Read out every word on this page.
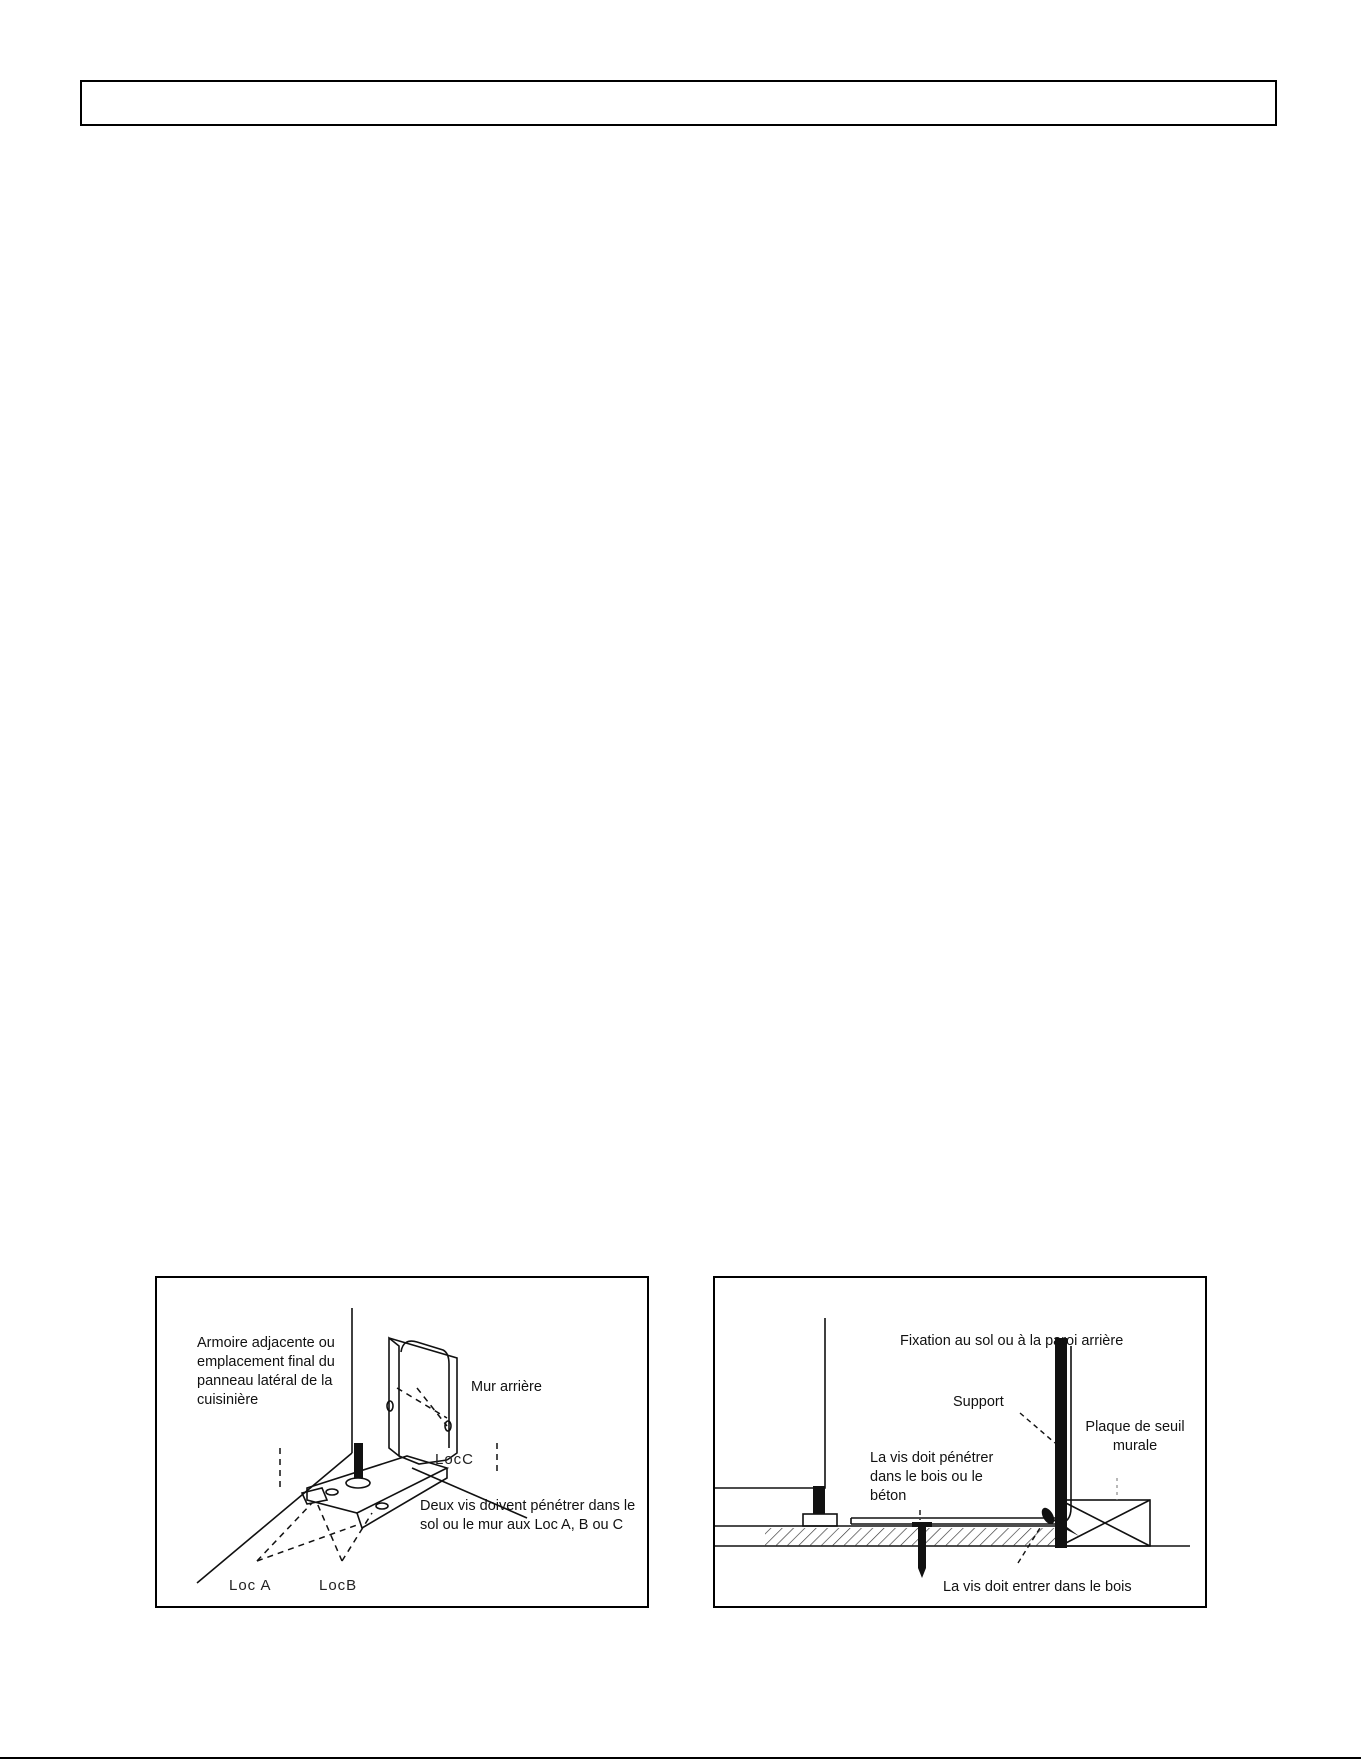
Armoire adjacente ou emplacement final du panneau latéral de la cuisinière
Mur arrière
LocC
Deux vis doivent pénétrer dans le sol ou le mur aux Loc A, B ou C
Loc A	LocB
Fixation au sol ou à la paroi arrière
Support
Plaque de seuil murale
La vis doit pénétrer dans le bois ou le béton
La vis doit entrer dans le bois
